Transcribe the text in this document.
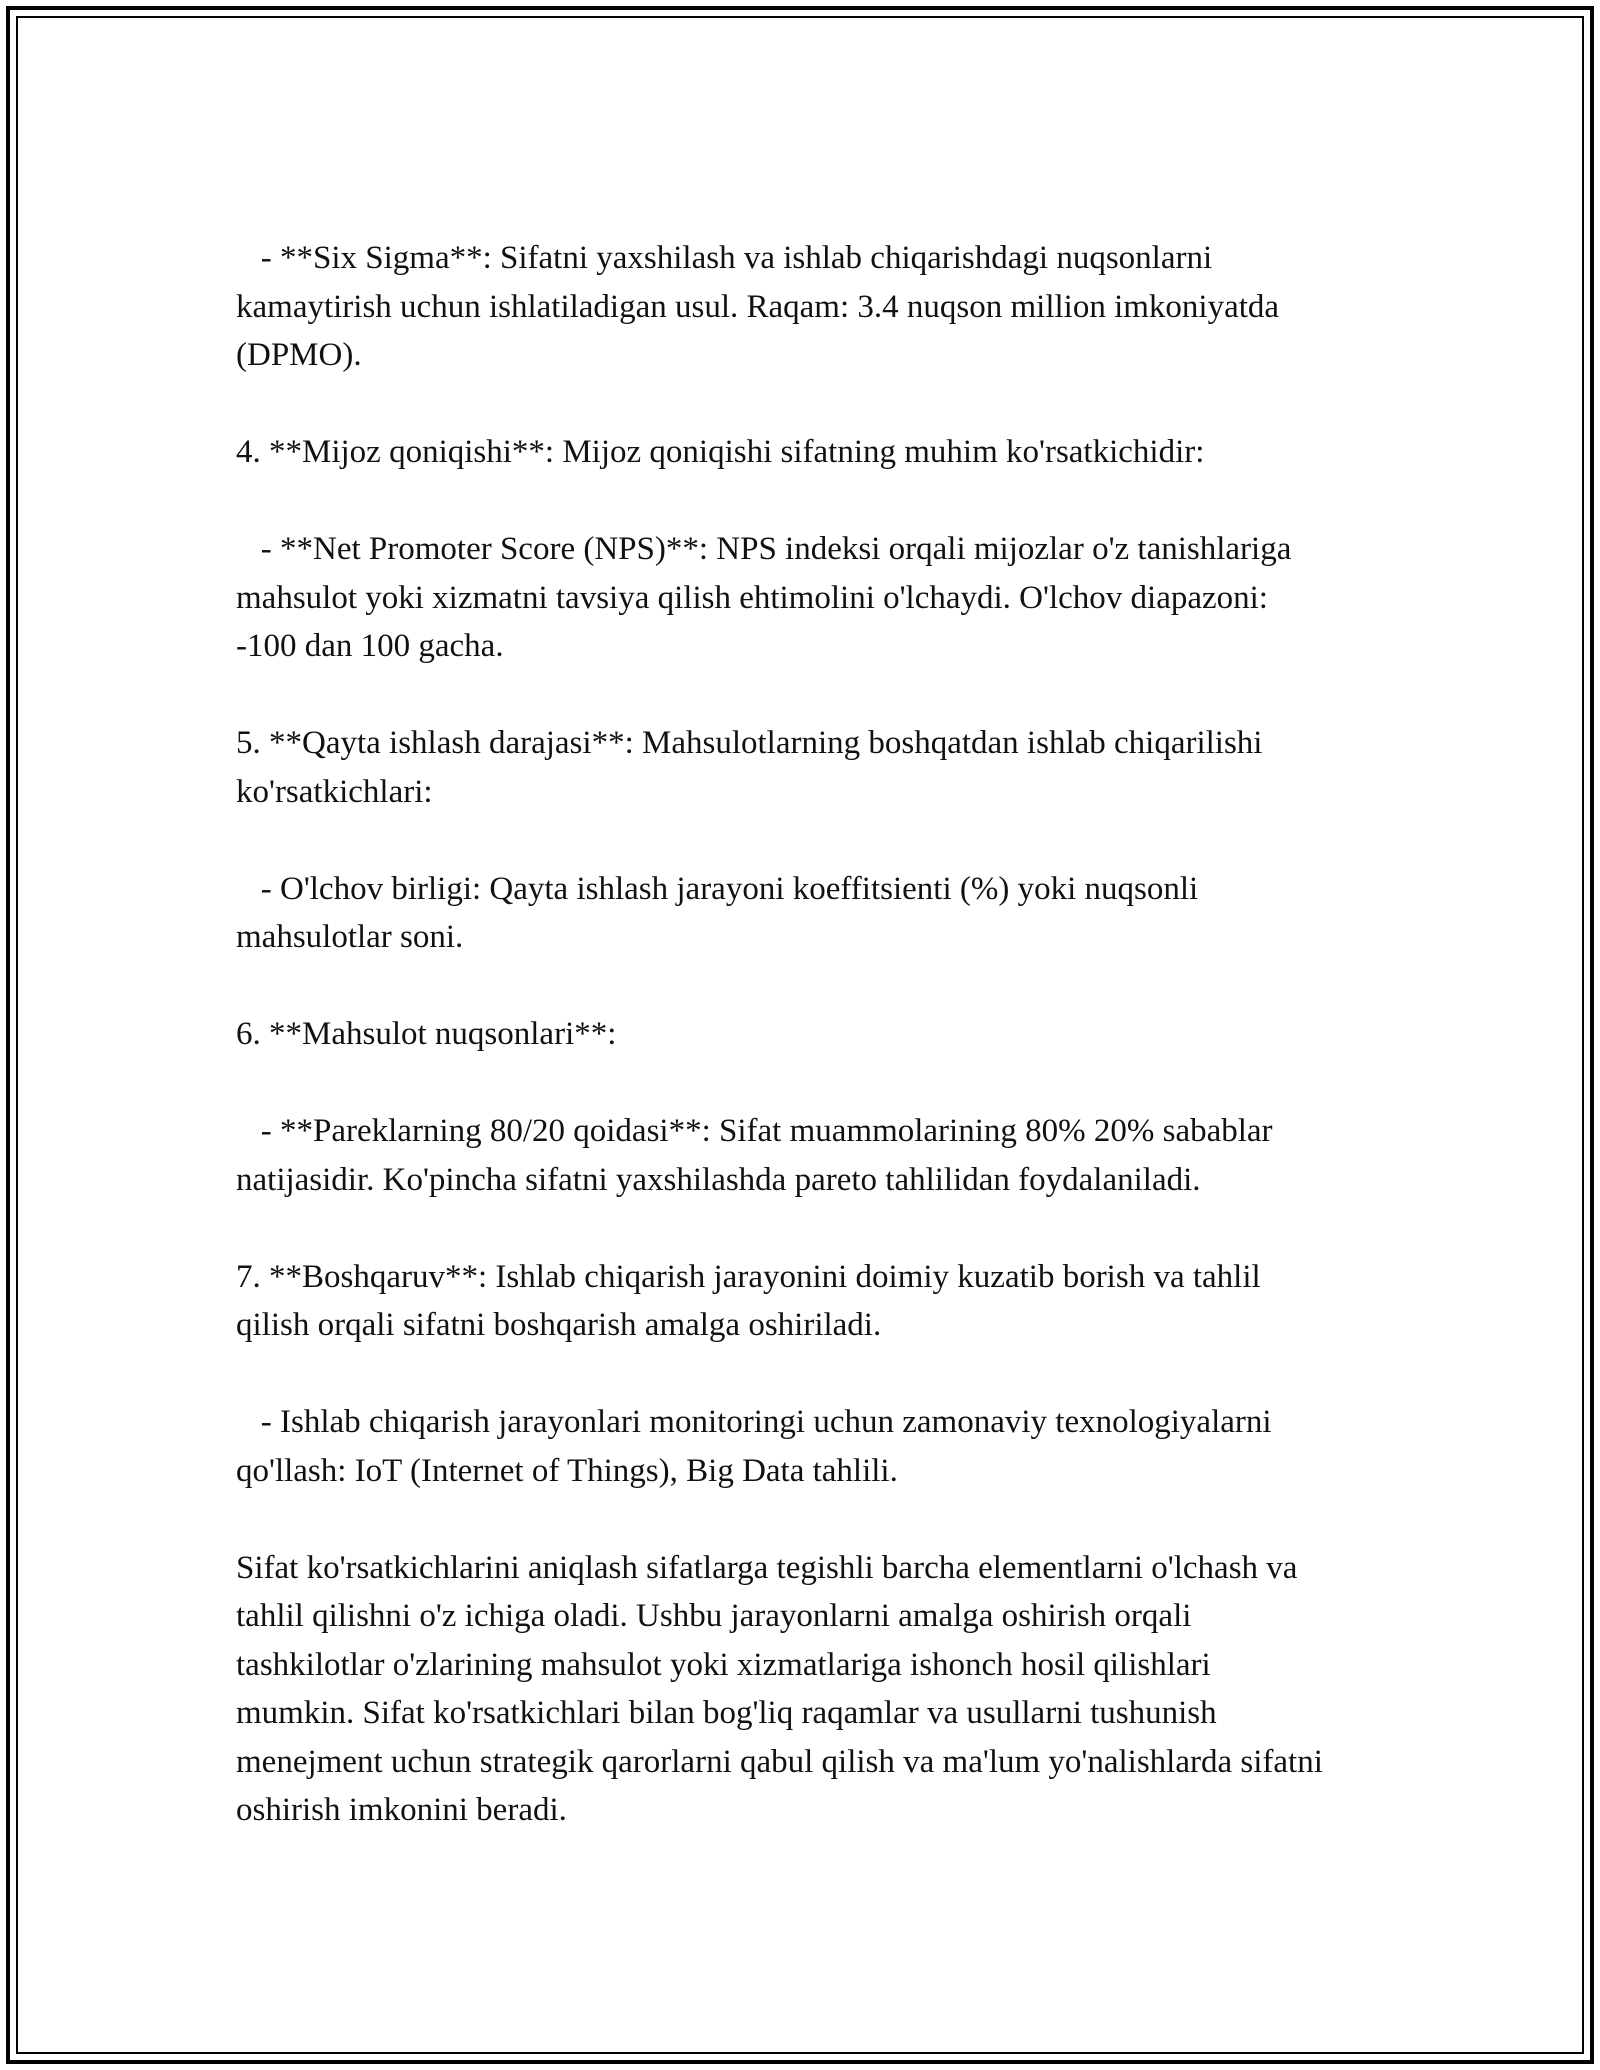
- **Six Sigma**: Sifatni yaxshilash va ishlab chiqarishdagi nuqsonlarni kamaytirish uchun ishlatiladigan usul. Raqam: 3.4 nuqson million imkoniyatda (DPMO).

4. **Mijoz qoniqishi**: Mijoz qoniqishi sifatning muhim ko'rsatkichidir:

- **Net Promoter Score (NPS)**: NPS indeksi orqali mijozlar o'z tanishlariga mahsulot yoki xizmatni tavsiya qilish ehtimolini o'lchaydi. O'lchov diapazoni: -100 dan 100 gacha.

5. **Qayta ishlash darajasi**: Mahsulotlarning boshqatdan ishlab chiqarilishi ko'rsatkichlari:

- O'lchov birligi: Qayta ishlash jarayoni koeffitsienti (%) yoki nuqsonli mahsulotlar soni.

6. **Mahsulot nuqsonlari**:

- **Pareklarning 80/20 qoidasi**: Sifat muammolarining 80% 20% sabablar natijasidir. Ko'pincha sifatni yaxshilashda pareto tahlilidan foydalaniladi.

7. **Boshqaruv**: Ishlab chiqarish jarayonini doimiy kuzatib borish va tahlil qilish orqali sifatni boshqarish amalga oshiriladi.

- Ishlab chiqarish jarayonlari monitoringi uchun zamonaviy texnologiyalarni qo'llash: IoT (Internet of Things), Big Data tahlili.

Sifat ko'rsatkichlarini aniqlash sifatlarga tegishli barcha elementlarni o'lchash va tahlil qilishni o'z ichiga oladi. Ushbu jarayonlarni amalga oshirish orqali tashkilotlar o'zlarining mahsulot yoki xizmatlariga ishonch hosil qilishlari mumkin. Sifat ko'rsatkichlari bilan bog'liq raqamlar va usullarni tushunish menejment uchun strategik qarorlarni qabul qilish va ma'lum yo'nalishlarda sifatni oshirish imkonini beradi.
